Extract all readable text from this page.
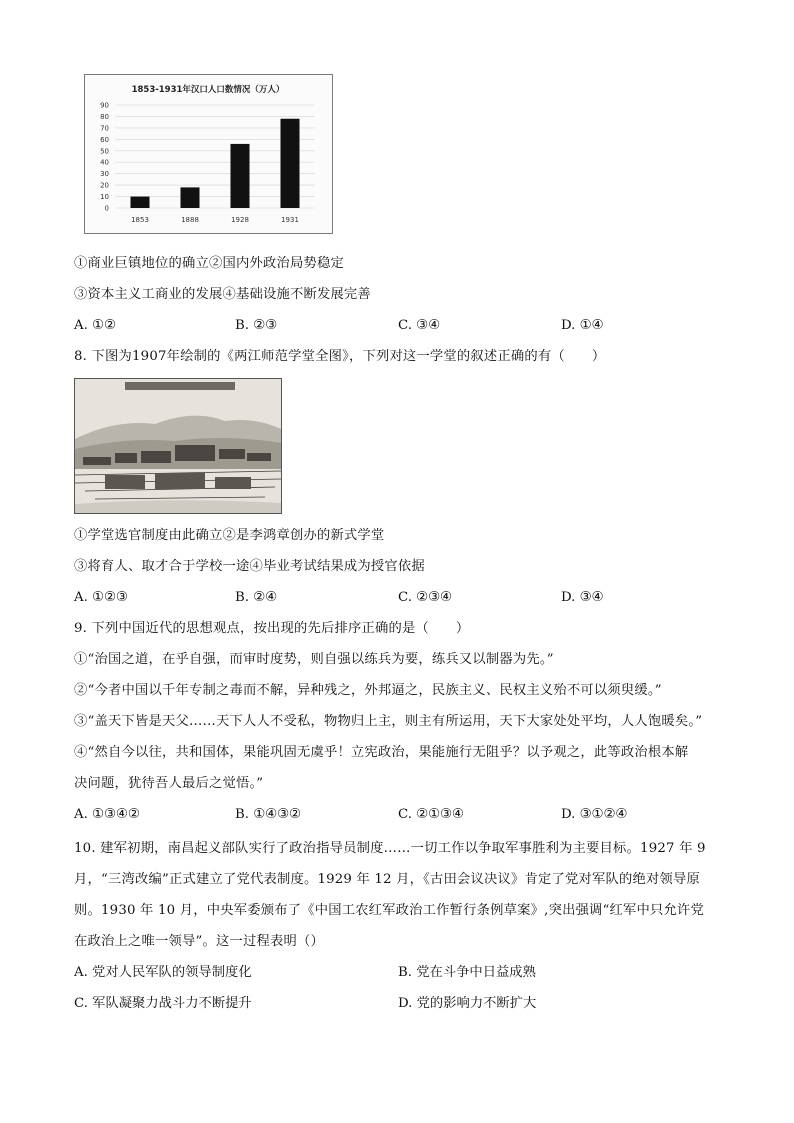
1853-1931年汉口人口数情况（万人）
0
10
20
30
40
50
60
70
80
90
1853	1888	1928	1931
①商业巨镇地位的确立②国内外政治局势稳定
③资本主义工商业的发展④基础设施不断发展完善
A. ①②	B. ②③	C. ③④	D. ①④
8. 下图为1907年绘制的《两江师范学堂全图》，下列对这一学堂的叙述正确的有（　　）
①学堂选官制度由此确立②是李鸿章创办的新式学堂
③将育人、取才合于学校一途④毕业考试结果成为授官依据
A. ①②③	B. ②④	C. ②③④	D. ③④
9. 下列中国近代的思想观点，按出现的先后排序正确的是（　　）
①“治国之道，在乎自强，而审时度势，则自强以练兵为要，练兵又以制器为先。”
②“今者中国以千年专制之毒而不解，异种残之，外邦逼之，民族主义、民权主义殆不可以须臾缓。”
③“盖天下皆是天父……天下人人不受私，物物归上主，则主有所运用，天下大家处处平均，人人饱暖矣。”
④“然自今以往，共和国体，果能巩固无虞乎！立宪政治，果能施行无阻乎？以予观之，此等政治根本解
决问题，犹待吾人最后之觉悟。”
A. ①③④②	B. ①④③②	C. ②①③④	D. ③①②④
10. 建军初期，南昌起义部队实行了政治指导员制度……一切工作以争取军事胜利为主要目标。1927 年 9
月，“三湾改编”正式建立了党代表制度。1929 年 12 月，《古田会议决议》肯定了党对军队的绝对领导原
则。1930 年 10 月，中央军委颁布了《中国工农红军政治工作暂行条例草案》,突出强调“红军中只允许党
在政治上之唯一领导”。这一过程表明（）
A. 党对人民军队的领导制度化	B. 党在斗争中日益成熟
C. 军队凝聚力战斗力不断提升	D. 党的影响力不断扩大
